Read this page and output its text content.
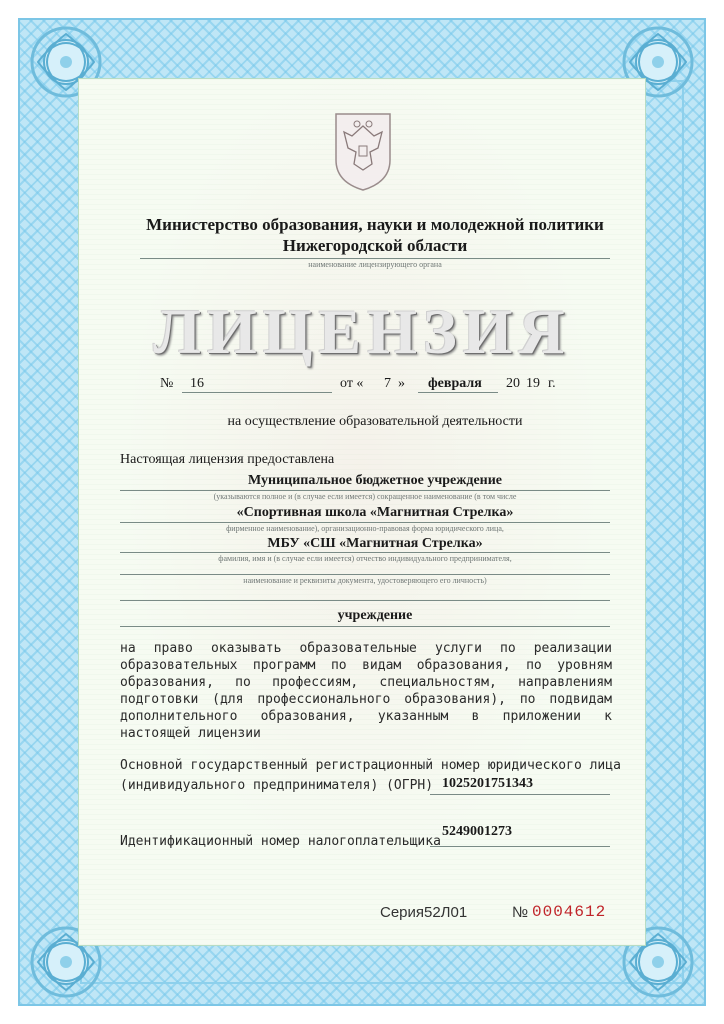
Министерство образования, науки и молодежной политики
Нижегородской области
наименование лицензирующего органа
ЛИЦЕНЗИЯ
№ 16	от « 7 » февраля 20 19 г.
на осуществление образовательной деятельности
Настоящая лицензия предоставлена
Муниципальное бюджетное учреждение
(указываются полное и (в случае если имеется) сокращенное наименование (в том числе
«Спортивная школа «Магнитная Стрелка»
фирменное наименование), организационно-правовая форма юридического лица,
МБУ «СШ «Магнитная Стрелка»
фамилия, имя и (в случае если имеется) отчество индивидуального предпринимателя,
наименование и реквизиты документа, удостоверяющего его личность)
учреждение
на право оказывать образовательные услуги по реализации образовательных программ по видам образования, по уровням образования, по профессиям, специальностям, направлениям подготовки (для профессионального образования), по подвидам дополнительного образования, указанным в приложении к настоящей лицензии
Основной государственный регистрационный номер юридического лица
(индивидуального предпринимателя) (ОГРН) 1025201751343
Идентификационный номер налогоплательщика
5249001273
Серия 52Л01	№ 0004612
